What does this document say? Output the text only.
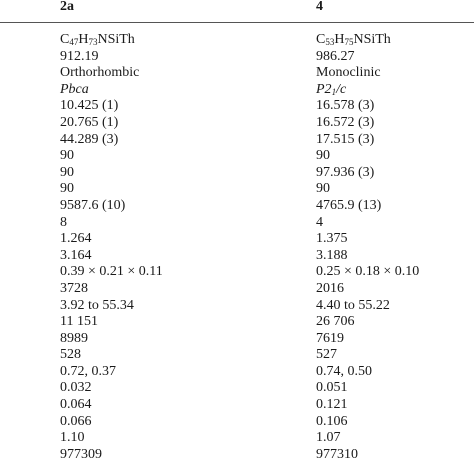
2a	4
$C_{47}H_{73}NSiTh$	$C_{53}H_{75}NSiTh$
912.19	986.27
Orthorhombic	Monoclinic
Pbca	$P2_1/c$
10.425 (1)	16.578 (3)
20.765 (1)	16.572 (3)
44.289 (3)	17.515 (3)
90	90
90	97.936 (3)
90	90
9587.6 (10)	4765.9 (13)
8	4
1.264	1.375
3.164	3.188
0.39 × 0.21 × 0.11	0.25 × 0.18 × 0.10
3728	2016
3.92 to 55.34	4.40 to 55.22
11 151	26 706
8989	7619
528	527
0.72, 0.37	0.74, 0.50
0.032	0.051
0.064	0.121
0.066	0.106
1.10	1.07
977309	977310
